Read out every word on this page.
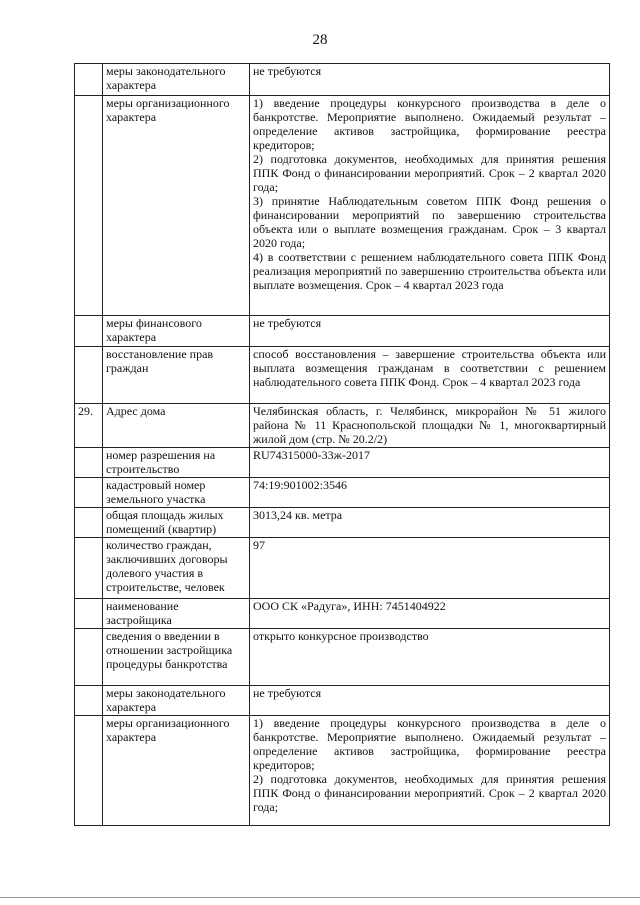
28
	меры законодательного характера	не требуются

	меры организационного характера	1) введение процедуры конкурсного производства в деле о банкротстве. Мероприятие выполнено. Ожидаемый результат – определение активов застройщика, формирование реестра кредиторов;
2) подготовка документов, необходимых для принятия решения ППК Фонд о финансировании мероприятий. Срок – 2 квартал 2020 года;
3) принятие Наблюдательным советом ППК Фонд решения о финансировании мероприятий по завершению строительства объекта или о выплате возмещения гражданам. Срок – 3 квартал 2020 года;
4) в соответствии с решением наблюдательного совета ППК Фонд реализация мероприятий по завершению строительства объекта или выплате возмещения. Срок – 4 квартал 2023 года

	меры финансового характера	не требуются

	восстановление прав граждан	способ восстановления – завершение строительства объекта или выплата возмещения гражданам в соответствии с решением наблюдательного совета ППК Фонд. Срок – 4 квартал 2023 года

29.	Адрес дома	Челябинская область, г. Челябинск, микрорайон № 51 жилого района № 11 Краснопольской площадки № 1, многоквартирный жилой дом (стр. № 20.2/2)

	номер разрешения на строительство	RU74315000-33ж-2017

	кадастровый номер земельного участка	74:19:901002:3546

	общая площадь жилых помещений (квартир)	3013,24 кв. метра

	количество граждан, заключивших договоры долевого участия в строительстве, человек	97

	наименование застройщика	ООО СК «Радуга», ИНН: 7451404922

	сведения о введении в отношении застройщика процедуры банкротства	открыто конкурсное производство

	меры законодательного характера	не требуются

	меры организационного характера	1) введение процедуры конкурсного производства в деле о банкротстве. Мероприятие выполнено. Ожидаемый результат – определение активов застройщика, формирование реестра кредиторов;
2) подготовка документов, необходимых для принятия решения ППК Фонд о финансировании мероприятий. Срок – 2 квартал 2020 года;
